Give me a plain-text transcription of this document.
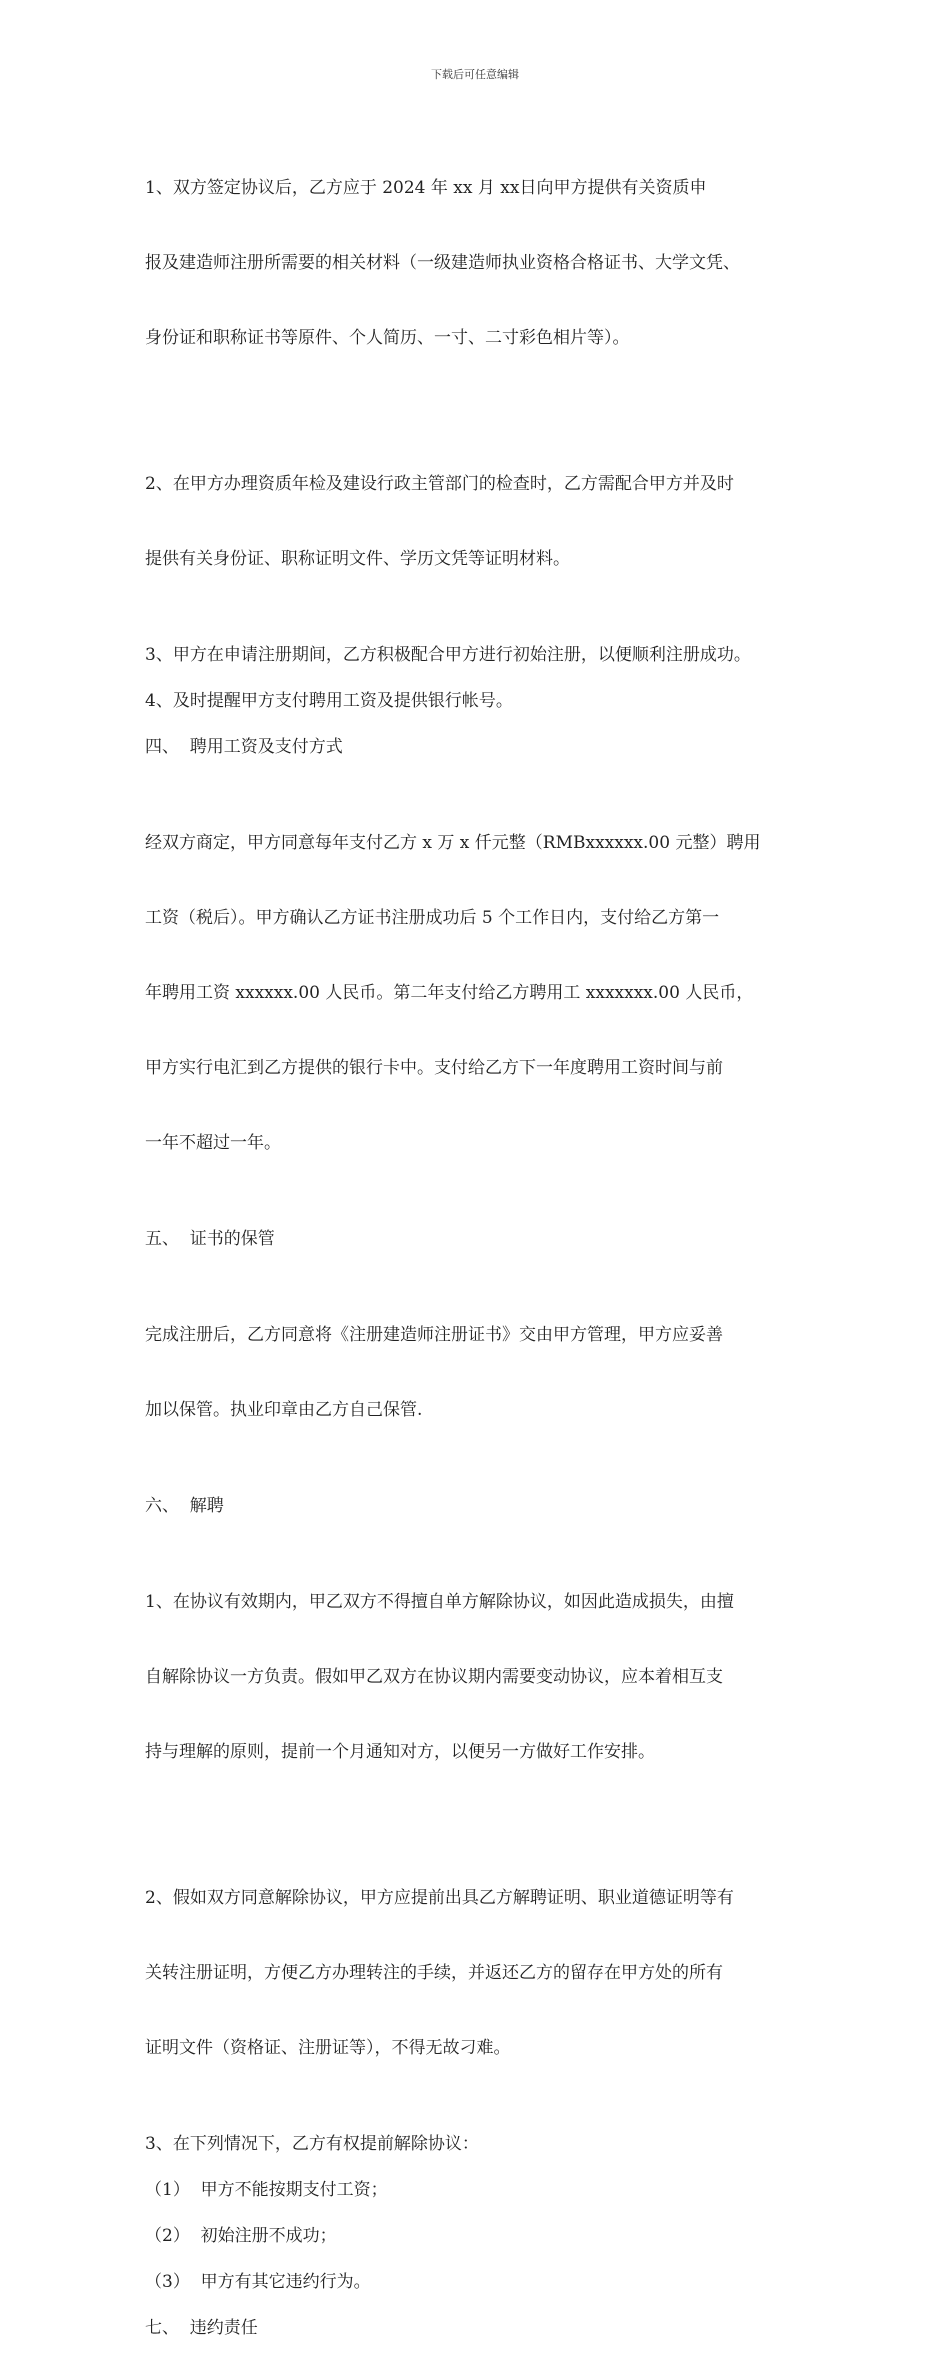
下载后可任意编辑

1、双方签定协议后，乙方应于 2024 年 xx 月 xx日向甲方提供有关资质申

报及建造师注册所需要的相关材料（一级建造师执业资格合格证书、大学文凭、

身份证和职称证书等原件、个人简历、一寸、二寸彩色相片等）。

2、在甲方办理资质年检及建设行政主管部门的检查时，乙方需配合甲方并及时

提供有关身份证、职称证明文件、学历文凭等证明材料。

3、甲方在申请注册期间，乙方积极配合甲方进行初始注册，以便顺利注册成功。
4、及时提醒甲方支付聘用工资及提供银行帐号。
四、  聘用工资及支付方式

经双方商定，甲方同意每年支付乙方 x 万 x 仟元整（RMBxxxxxx.00 元整）聘用

工资（税后）。甲方确认乙方证书注册成功后 5 个工作日内，支付给乙方第一

年聘用工资 xxxxxx.00 人民币。第二年支付给乙方聘用工 xxxxxxx.00 人民币，

甲方实行电汇到乙方提供的银行卡中。支付给乙方下一年度聘用工资时间与前

一年不超过一年。

五、  证书的保管

完成注册后，乙方同意将《注册建造师注册证书》交由甲方管理，甲方应妥善

加以保管。执业印章由乙方自己保管.

六、  解聘

1、在协议有效期内，甲乙双方不得擅自单方解除协议，如因此造成损失，由擅

自解除协议一方负责。假如甲乙双方在协议期内需要变动协议，应本着相互支

持与理解的原则，提前一个月通知对方，以便另一方做好工作安排。

2、假如双方同意解除协议，甲方应提前出具乙方解聘证明、职业道德证明等有

关转注册证明，方便乙方办理转注的手续，并返还乙方的留存在甲方处的所有

证明文件（资格证、注册证等），不得无故刁难。

3、在下列情况下，乙方有权提前解除协议：
（1）  甲方不能按期支付工资；
（2）  初始注册不成功；
（3）  甲方有其它违约行为。
七、  违约责任
